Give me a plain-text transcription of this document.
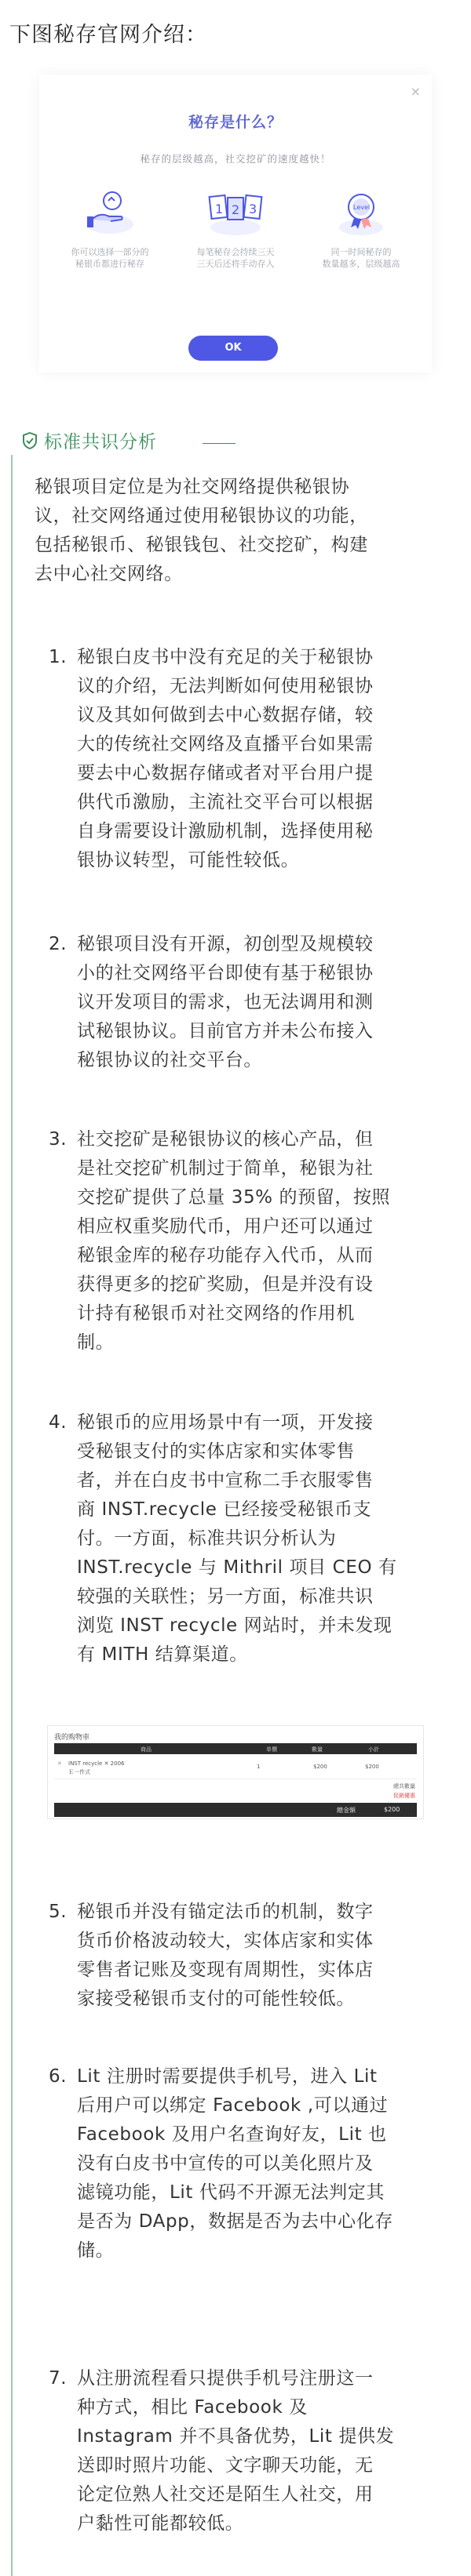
下图秘存官网介绍：
×
秘存是什么？
秘存的层级越高，社交挖矿的速度越快！
你可以选择一部分的
秘银币都进行秘存
1 2 3
每笔秘存会持续三天
三天后还将手动存入
Level
同一时间秘存的
数量越多，层级越高
OK
标准共识分析
秘银项目定位是为社交网络提供秘银协
议，社交网络通过使用秘银协议的功能，
包括秘银币、秘银钱包、社交挖矿，构建
去中心社交网络。
1. 秘银白皮书中没有充足的关于秘银协
议的介绍，无法判断如何使用秘银协
议及其如何做到去中心数据存储，较
大的传统社交网络及直播平台如果需
要去中心数据存储或者对平台用户提
供代币激励，主流社交平台可以根据
自身需要设计激励机制，选择使用秘
银协议转型，可能性较低。
2. 秘银项目没有开源，初创型及规模较
小的社交网络平台即使有基于秘银协
议开发项目的需求，也无法调用和测
试秘银协议。目前官方并未公布接入
秘银协议的社交平台。
3. 社交挖矿是秘银协议的核心产品，但
是社交挖矿机制过于简单，秘银为社
交挖矿提供了总量 35% 的预留，按照
相应权重奖励代币，用户还可以通过
秘银金库的秘存功能存入代币，从而
获得更多的挖矿奖励，但是并没有设
计持有秘银币对社交网络的作用机
制。
4. 秘银币的应用场景中有一项，开发接
受秘银支付的实体店家和实体零售
者，并在白皮书中宣称二手衣服零售
商 INST.recycle 已经接受秘银币支
付。一方面，标准共识分析认为
INST.recycle 与 Mithril 项目 CEO 有
较强的关联性；另一方面，标准共识
浏览 INST recycle 网站时，并未发现
有 MITH 结算渠道。
我的购物車
商品	单價	數量	小計
✕ INST recycle ✕ 2006
Ｅ一件式
1	$200	$200
總共數量
促銷優惠
總金額	$200
5. 秘银币并没有锚定法币的机制，数字
货币价格波动较大，实体店家和实体
零售者记账及变现有周期性，实体店
家接受秘银币支付的可能性较低。
6. Lit 注册时需要提供手机号，进入 Lit
后用户可以绑定 Facebook ,可以通过
Facebook 及用户名查询好友，Lit 也
没有白皮书中宣传的可以美化照片及
滤镜功能，Lit 代码不开源无法判定其
是否为 DApp，数据是否为去中心化存
储。
7. 从注册流程看只提供手机号注册这一
种方式，相比 Facebook 及
Instagram 并不具备优势，Lit 提供发
送即时照片功能、文字聊天功能，无
论定位熟人社交还是陌生人社交，用
户黏性可能都较低。
